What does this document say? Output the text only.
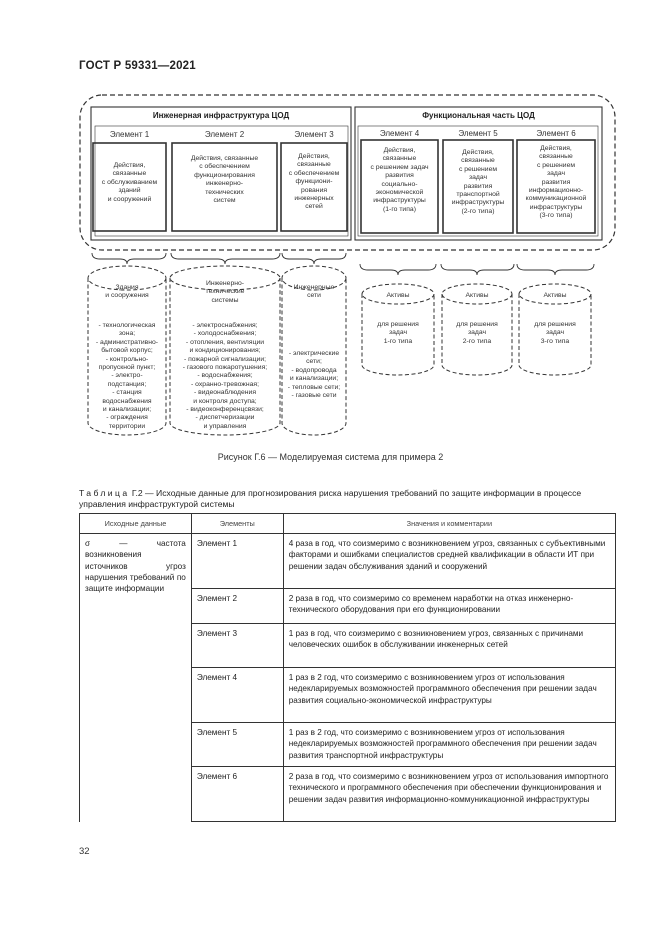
ГОСТ Р 59331—2021
Инженерная инфраструктура ЦОД	Функциональная часть ЦОД
Элемент 1	Элемент 2	Элемент 3	Элемент 4	Элемент 5	Элемент 6
Действия,
связанные
с обслуживанием
зданий
и сооружений
Действия, связанные
с обеспечением
функционирования
инженерно-
технических
систем
Действия,
связанные
с обеспечением
функциони-
рования
инженерных
сетей
Действия,
связанные
с решением задач
развития
социально-
экономической
инфраструктуры
(1-го типа)
Действия,
связанные
с решением
задач
развития
транспортной
инфраструктуры
(2-го типа)
Действия,
связанные
с решением
задач
развития
информационно-
коммуникационной
инфраструктуры
(3-го типа)
Здания
и сооружения
- технологическая
зона;
- административно-
бытовой корпус;
- контрольно-
пропускной пункт;
- электро-
подстанция;
- станция
водоснабжения
и канализации;
- ограждения
территории
Инженерно-
технические
системы
- электроснабжения;
- холодоснабжения;
- отопления, вентиляции
и кондиционирования;
- пожарной сигнализации;
- газового пожаротушения;
- водоснабжения;
- охранно-тревожная;
- видеонаблюдения
и контроля доступа;
- видеоконференцсвязи;
- диспетчеризации
и управления
Инженерные
сети
- электрические
сети;
- водопровода
и канализации;
- тепловые сети;
- газовые сети
Активы
для решения
задач
1-го типа
Активы
для решения
задач
2-го типа
Активы
для решения
задач
3-го типа
Рисунок Г.6 — Моделируемая система для примера 2
Таблица Г.2 — Исходные данные для прогнозирования риска нарушения требований по защите информации в процессе управления инфраструктурой системы
Исходные данные	Элементы	Значения и комментарии
σ — частота возникновения источников угроз нарушения требований по защите информации	Элемент 1	4 раза в год, что соизмеримо с возникновением угроз, связанных с субъективными факторами и ошибками специалистов средней квалификации в области ИТ при решении задач обслуживания зданий и сооружений
	Элемент 2	2 раза в год, что соизмеримо со временем наработки на отказ инженерно-технического оборудования при его функционировании
	Элемент 3	1 раз в год, что соизмеримо с возникновением угроз, связанных с причинами человеческих ошибок в обслуживании инженерных сетей
	Элемент 4	1 раз в 2 год, что соизмеримо с возникновением угроз от использования недекларируемых возможностей программного обеспечения при решении задач развития социально-экономической инфраструктуры
	Элемент 5	1 раз в 2 год, что соизмеримо с возникновением угроз от использования недекларируемых возможностей программного обеспечения при решении задач развития транспортной инфраструктуры
	Элемент 6	2 раза в год, что соизмеримо с возникновением угроз от использования импортного технического и программного обеспечения при обеспечении функционирования и решении задач развития информационно-коммуникационной инфраструктуры
32
